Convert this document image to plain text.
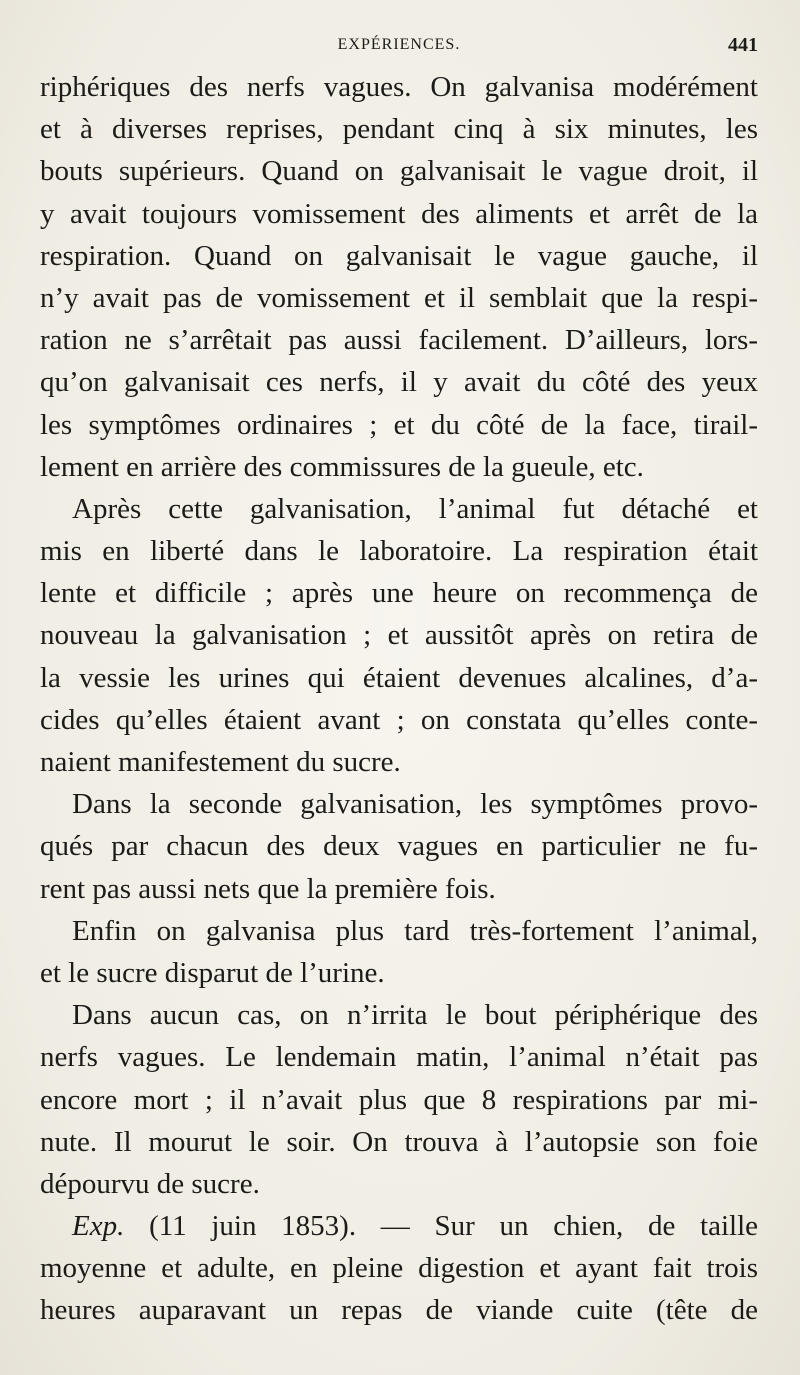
EXPÉRIENCES.	441
riphériques des nerfs vagues. On galvanisa modérément
et à diverses reprises, pendant cinq à six minutes, les
bouts supérieurs. Quand on galvanisait le vague droit, il
y avait toujours vomissement des aliments et arrêt de la
respiration. Quand on galvanisait le vague gauche, il
n’y avait pas de vomissement et il semblait que la respi-
ration ne s’arrêtait pas aussi facilement. D’ailleurs, lors-
qu’on galvanisait ces nerfs, il y avait du côté des yeux
les symptômes ordinaires ; et du côté de la face, tirail-
lement en arrière des commissures de la gueule, etc.
Après cette galvanisation, l’animal fut détaché et
mis en liberté dans le laboratoire. La respiration était
lente et difficile ; après une heure on recommença de
nouveau la galvanisation ; et aussitôt après on retira de
la vessie les urines qui étaient devenues alcalines, d’a-
cides qu’elles étaient avant ; on constata qu’elles conte-
naient manifestement du sucre.
Dans la seconde galvanisation, les symptômes provo-
qués par chacun des deux vagues en particulier ne fu-
rent pas aussi nets que la première fois.
Enfin on galvanisa plus tard très-fortement l’animal,
et le sucre disparut de l’urine.
Dans aucun cas, on n’irrita le bout périphérique des
nerfs vagues. Le lendemain matin, l’animal n’était pas
encore mort ; il n’avait plus que 8 respirations par mi-
nute. Il mourut le soir. On trouva à l’autopsie son foie
dépourvu de sucre.
Exp. (11 juin 1853). — Sur un chien, de taille
moyenne et adulte, en pleine digestion et ayant fait trois
heures auparavant un repas de viande cuite (tête de
